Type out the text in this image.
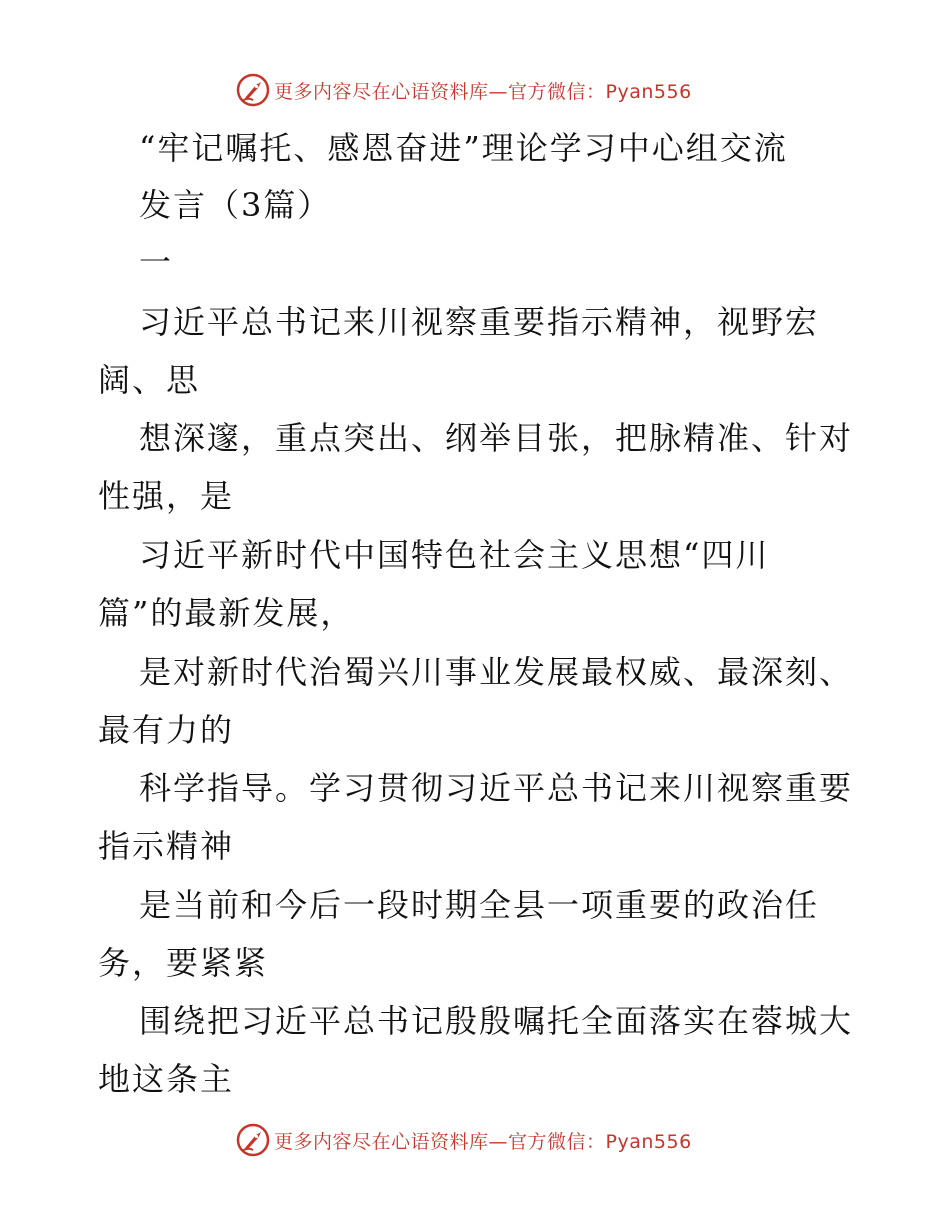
更多内容尽在心语资料库—官方微信：Pyan556
“牢记嘱托、感恩奋进”理论学习中心组交流
发言（3篇）
一
习近平总书记来川视察重要指示精神，视野宏
阔、思
想深邃，重点突出、纲举目张，把脉精准、针对
性强，是
习近平新时代中国特色社会主义思想“四川
篇”的最新发展，
是对新时代治蜀兴川事业发展最权威、最深刻、
最有力的
科学指导。学习贯彻习近平总书记来川视察重要
指示精神
是当前和今后一段时期全县一项重要的政治任
务，要紧紧
围绕把习近平总书记殷殷嘱托全面落实在蓉城大
地这条主
更多内容尽在心语资料库—官方微信：Pyan556
